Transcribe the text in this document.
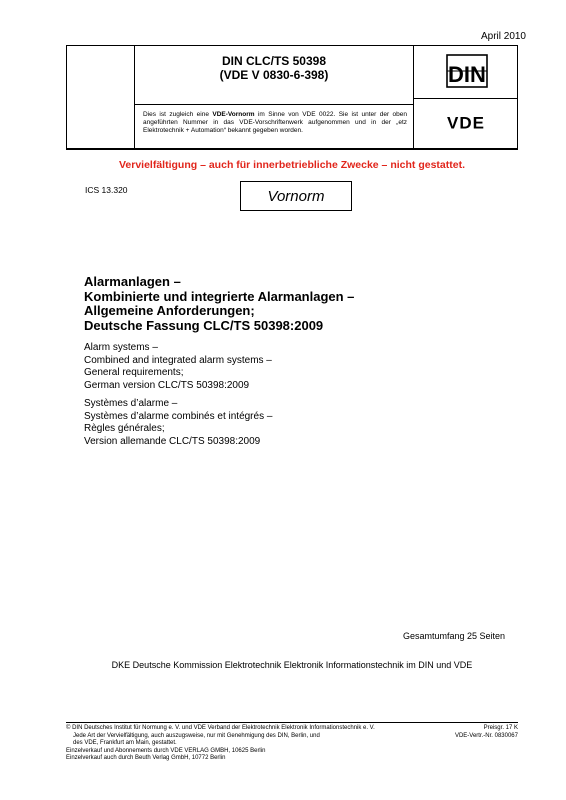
April 2010
DIN CLC/TS 50398
(VDE V 0830-6-398)
Dies ist zugleich eine VDE-Vornorm im Sinne von VDE 0022. Sie ist unter der oben angeführten Nummer in das VDE-Vorschriftenwerk aufgenommen und in der „etz Elektrotechnik + Automation“ bekannt gegeben worden.
DIN
VDE
Vervielfältigung – auch für innerbetriebliche Zwecke – nicht gestattet.
ICS 13.320	Vornorm
Alarmanlagen –
Kombinierte und integrierte Alarmanlagen –
Allgemeine Anforderungen;
Deutsche Fassung CLC/TS 50398:2009
Alarm systems –
Combined and integrated alarm systems –
General requirements;
German version CLC/TS 50398:2009
Systèmes d’alarme –
Systèmes d’alarme combinés et intégrés –
Règles générales;
Version allemande CLC/TS 50398:2009
Gesamtumfang 25 Seiten
DKE Deutsche Kommission Elektrotechnik Elektronik Informationstechnik im DIN und VDE
© DIN Deutsches Institut für Normung e. V. und VDE Verband der Elektrotechnik Elektronik Informationstechnik e. V.
Jede Art der Vervielfältigung, auch auszugsweise, nur mit Genehmigung des DIN, Berlin, und
des VDE, Frankfurt am Main, gestattet.
Einzelverkauf und Abonnements durch VDE VERLAG GMBH, 10625 Berlin
Einzelverkauf auch durch Beuth Verlag GmbH, 10772 Berlin
Preisgr. 17 K
VDE-Vertr.-Nr. 0830067
